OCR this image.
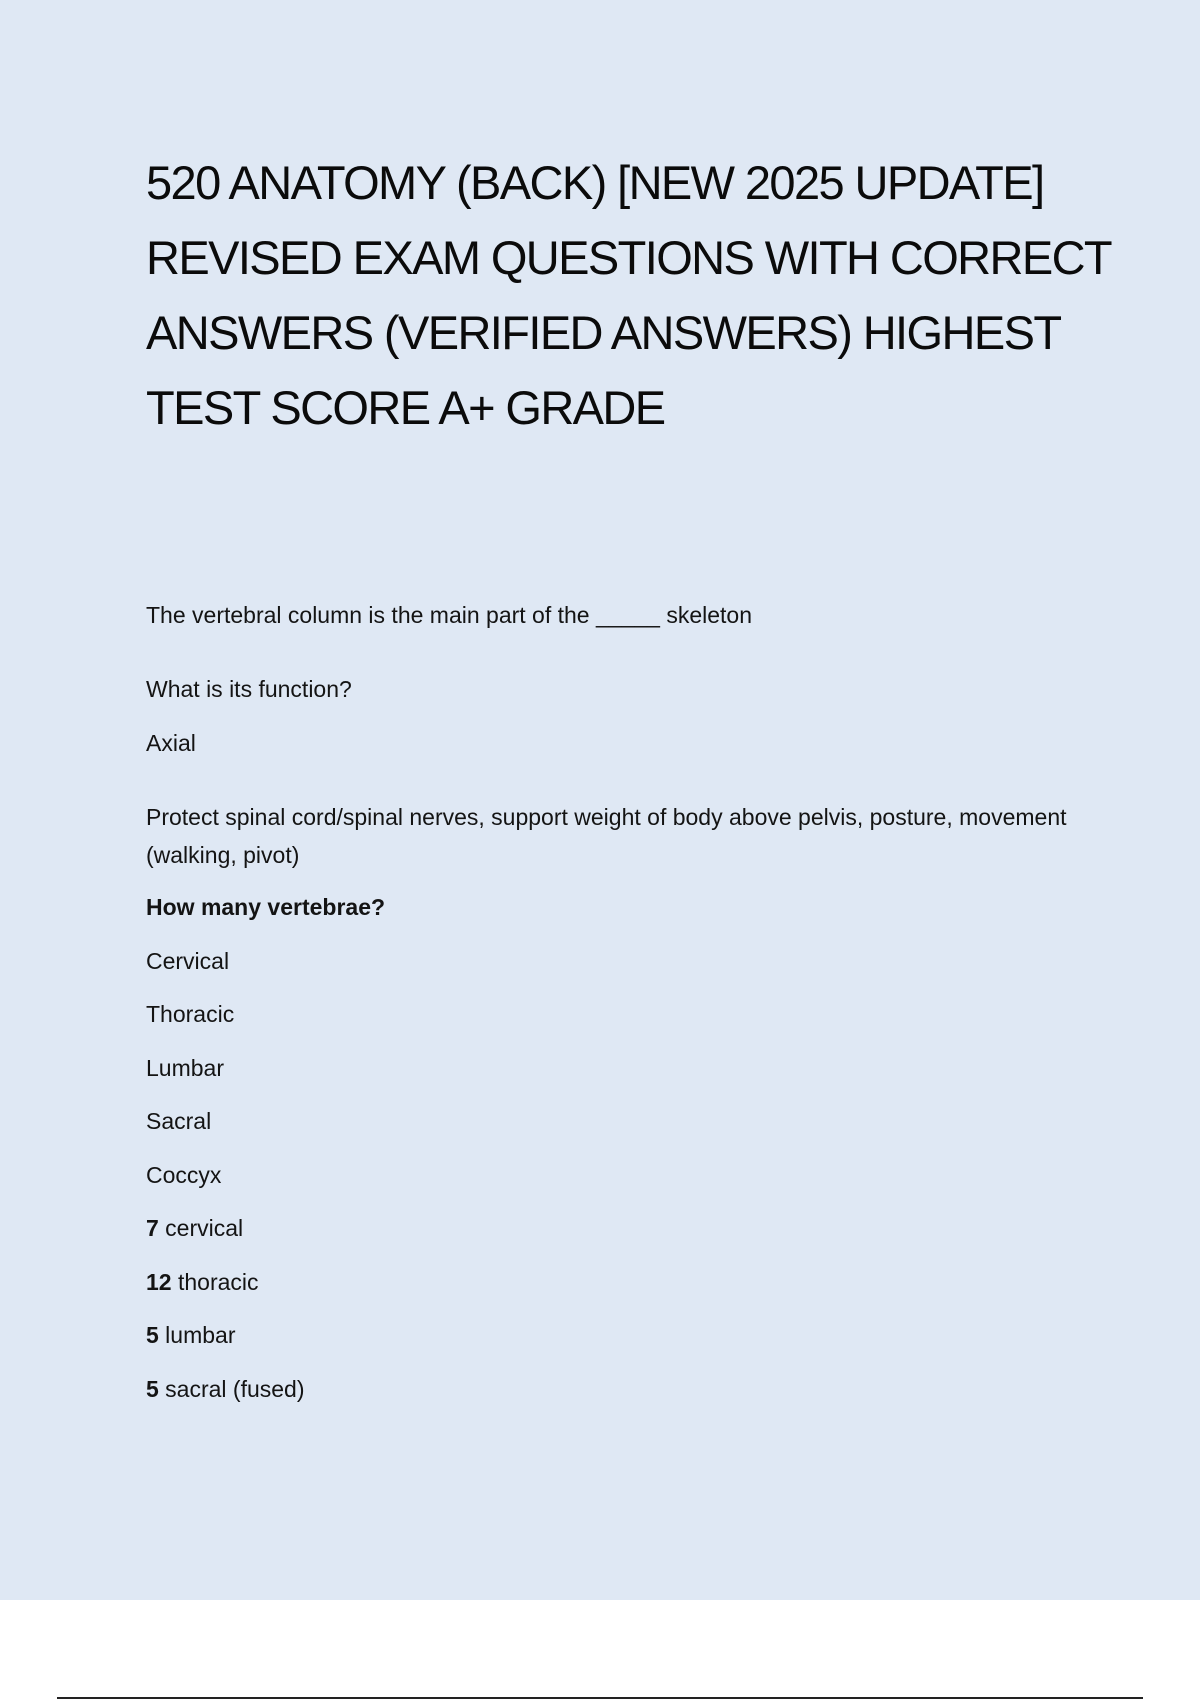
520 ANATOMY (BACK) [NEW 2025 UPDATE]
REVISED EXAM QUESTIONS WITH CORRECT
ANSWERS (VERIFIED ANSWERS) HIGHEST
TEST SCORE A+ GRADE

The vertebral column is the main part of the _____ skeleton

What is its function?

Axial

Protect spinal cord/spinal nerves, support weight of body above pelvis, posture, movement (walking, pivot)

How many vertebrae?

Cervical

Thoracic

Lumbar

Sacral

Coccyx

7 cervical

12 thoracic

5 lumbar

5 sacral (fused)
